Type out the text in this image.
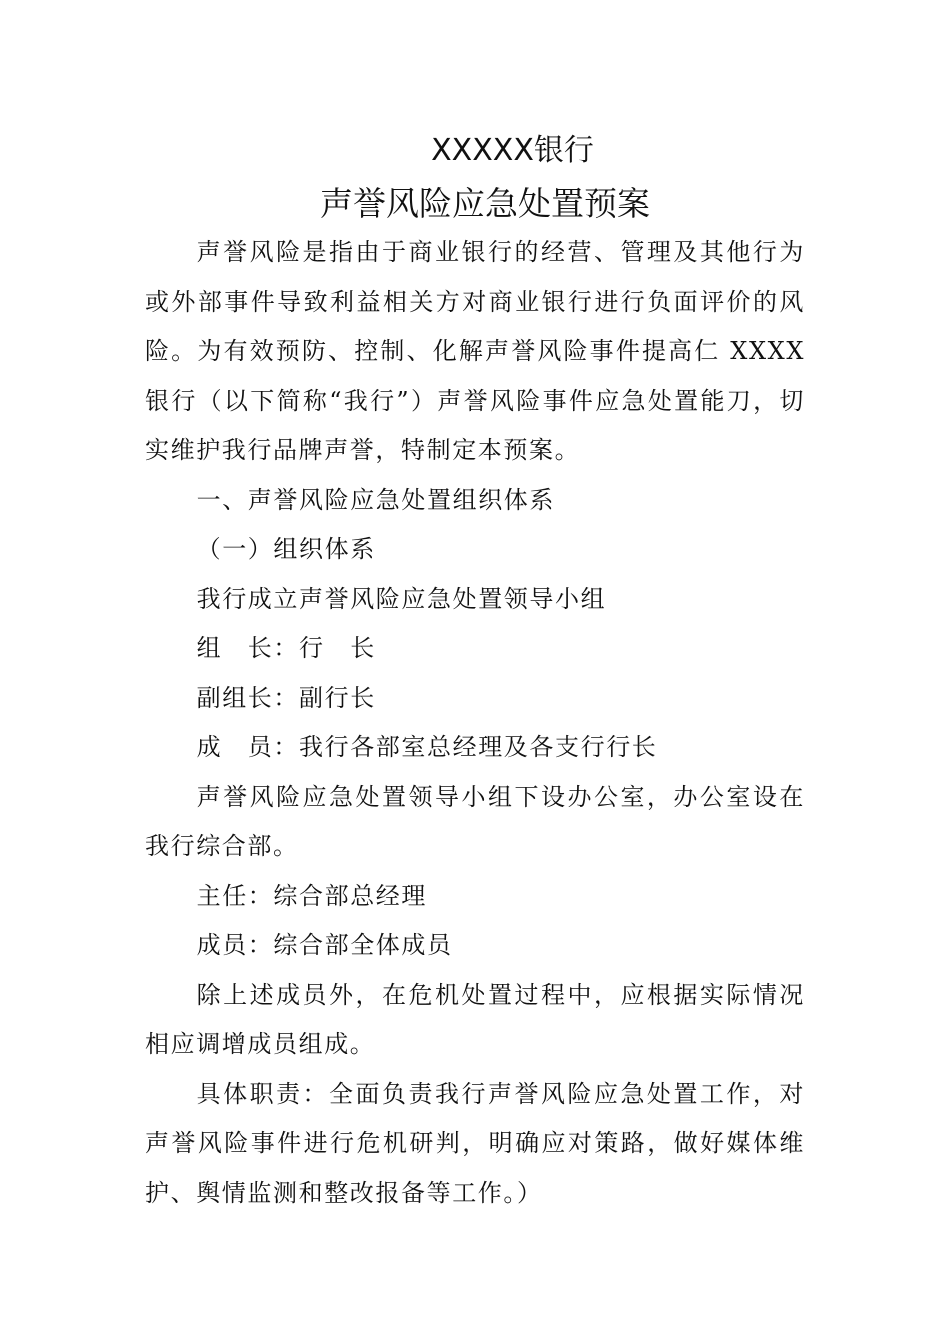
XXXXX银行
声誉风险应急处置预案

声誉风险是指由于商业银行的经营、管理及其他行为或外部事件导致利益相关方对商业银行进行负面评价的风险。为有效预防、控制、化解声誉风险事件提高仁 XXXX 银行（以下简称“我行”）声誉风险事件应急处置能刀，切实维护我行品牌声誉，特制定本预案。

一、声誉风险应急处置组织体系

（一）组织体系

我行成立声誉风险应急处置领导小组

组　长：行　长

副组长：副行长

成　员：我行各部室总经理及各支行行长

声誉风险应急处置领导小组下设办公室，办公室设在我行综合部。

主任：综合部总经理

成员：综合部全体成员

除上述成员外，在危机处置过程中，应根据实际情况相应调增成员组成。

具体职责：全面负责我行声誉风险应急处置工作，对声誉风险事件进行危机研判，明确应对策路，做好媒体维护、舆情监测和整改报备等工作。）
